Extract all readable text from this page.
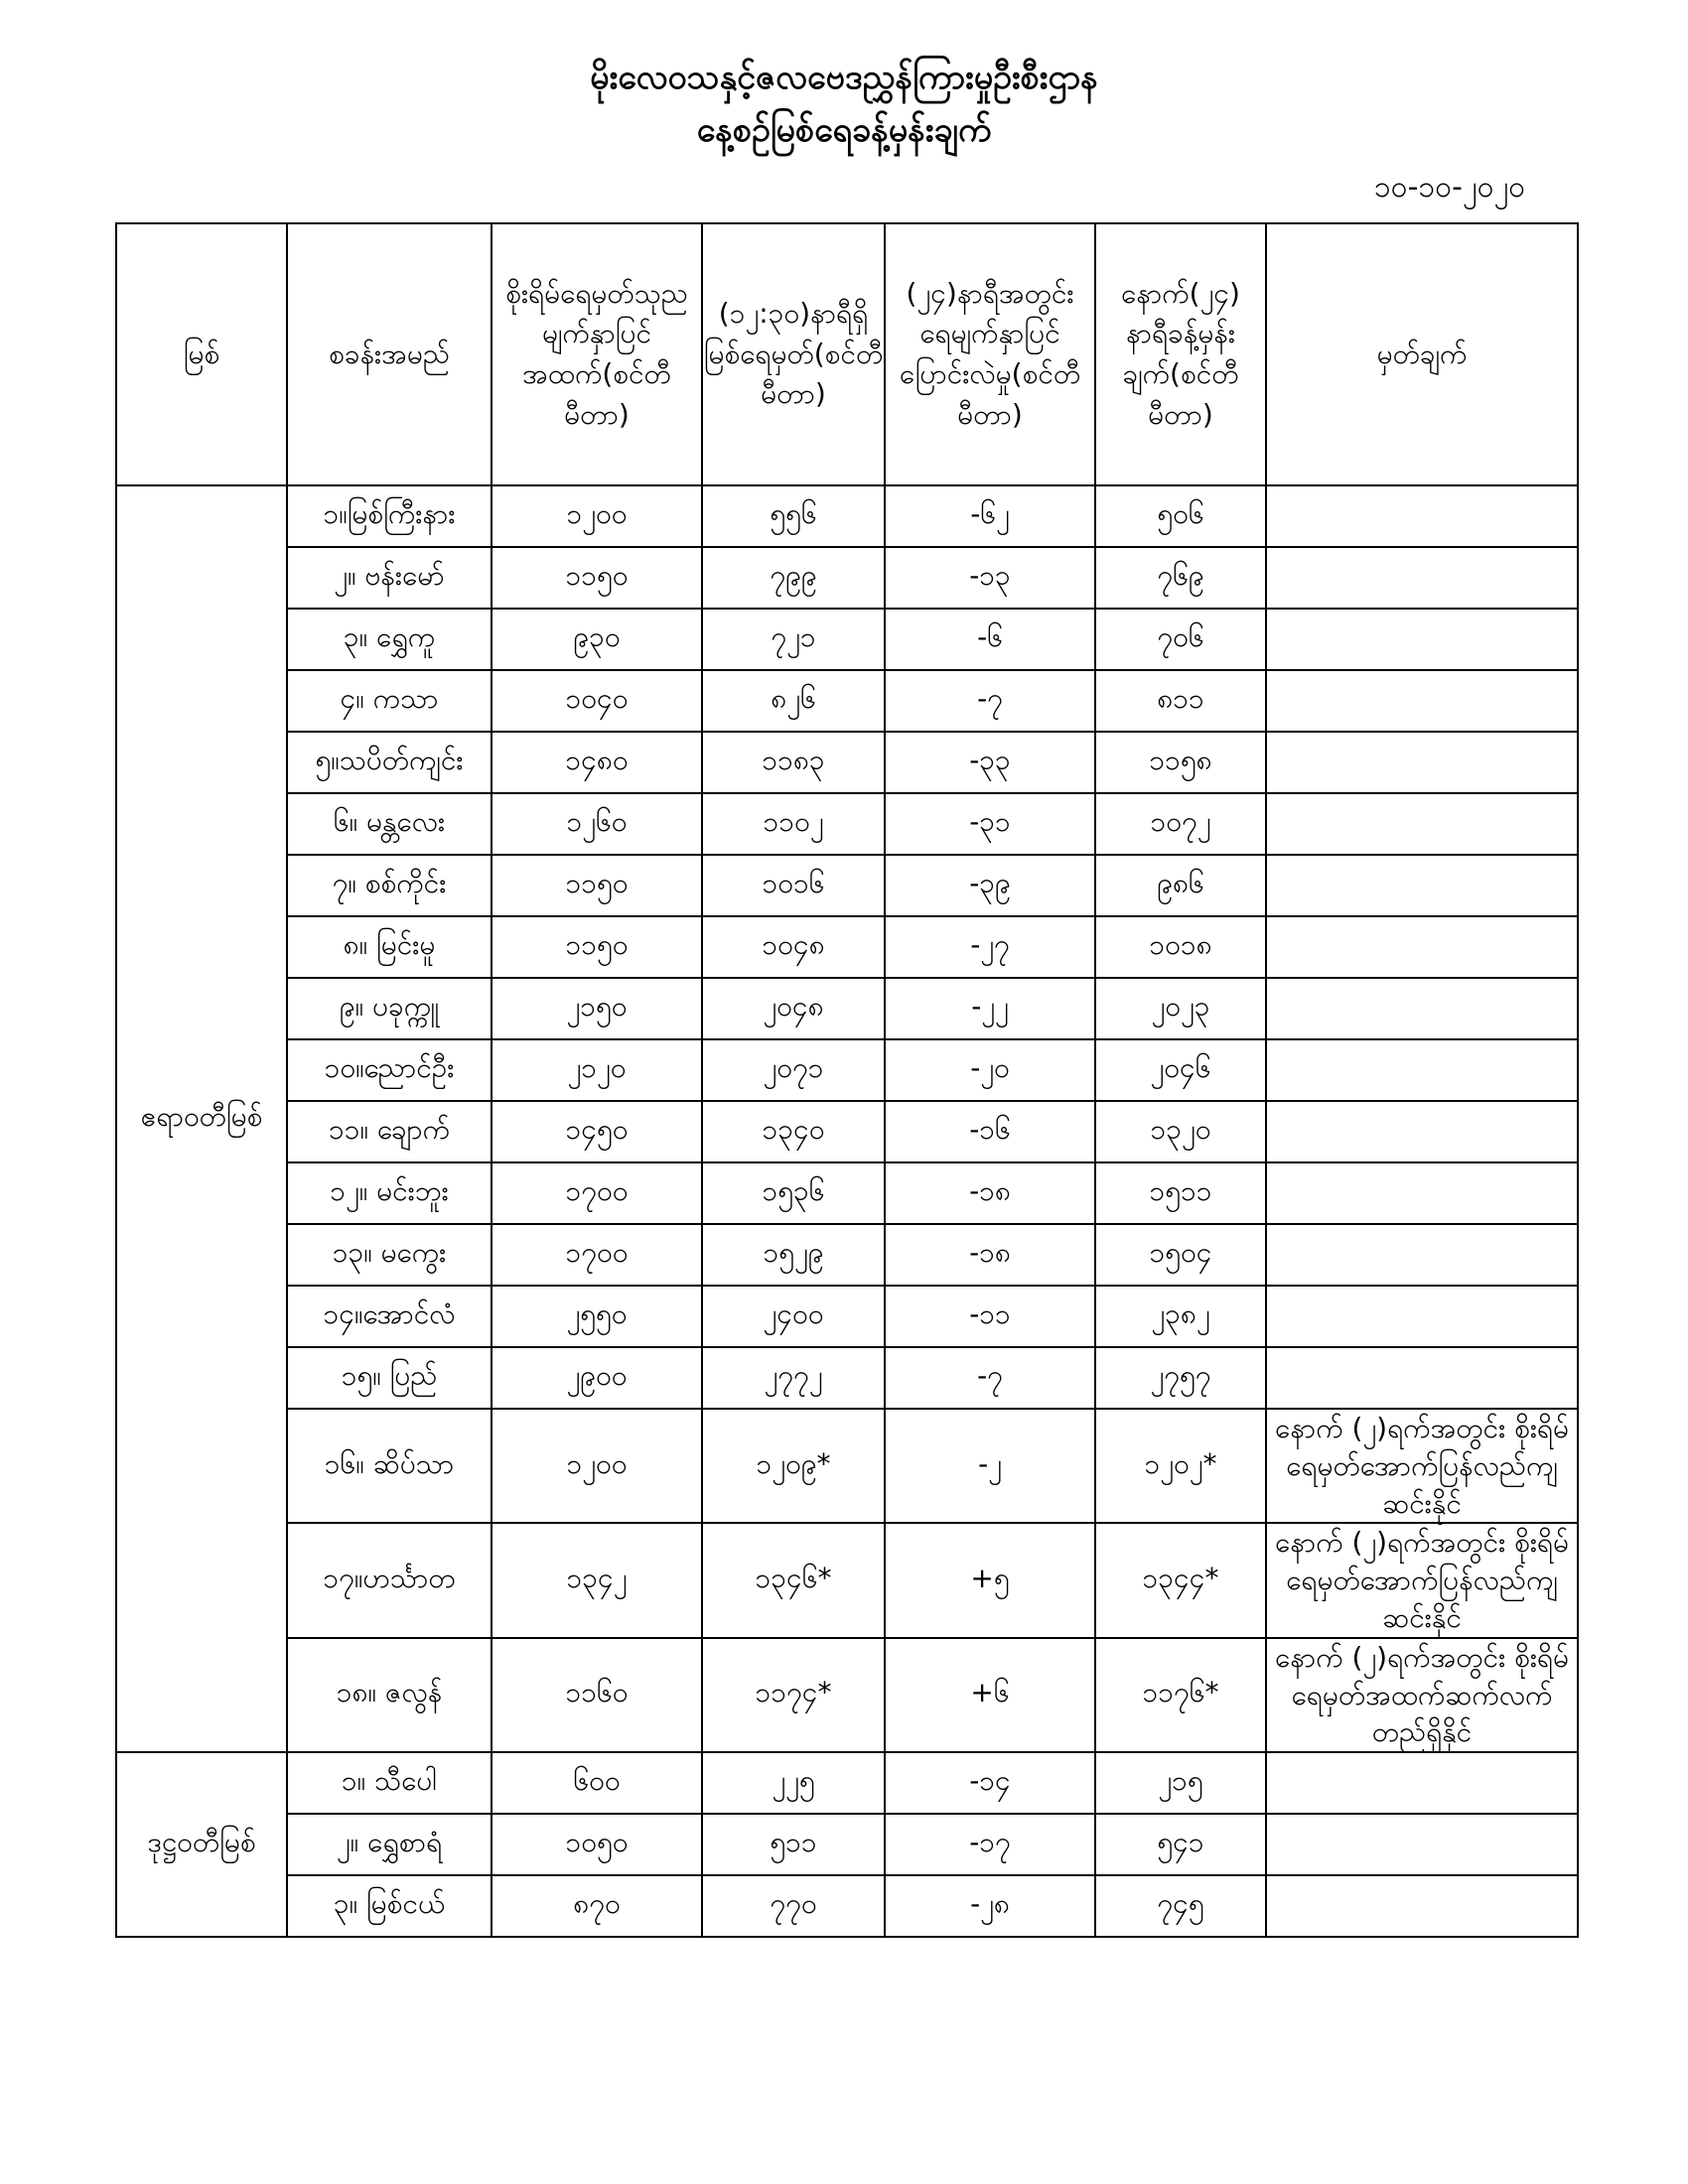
မိုးလေဝသနှင့်ဇလဗေဒညွှန်ကြားမှုဦးစီးဌာန
နေ့စဉ်မြစ်ရေခန့်မှန်းချက်
၁၀-၁၀-၂၀၂၀
မြစ်	စခန်းအမည်	စိုးရိမ်ရေမှတ်သုညမျက်နှာပြင်အထက်(စင်တီမီတာ)	(၁၂:၃၀)နာရီရှိမြစ်ရေမှတ်(စင်တီမီတာ)	(၂၄)နာရီအတွင်းရေမျက်နှာပြင်ပြောင်းလဲမှု(စင်တီမီတာ)	နောက်(၂၄) နာရီခန့်မှန်းချက်(စင်တီမီတာ)	မှတ်ချက်
ဧရာဝတီမြစ်	၁။မြစ်ကြီးနား	၁၂၀၀	၅၅၆	-၆၂	၅၀၆	
	၂။ ဗန်းမော်	၁၁၅၀	၇၉၉	-၁၃	၇၆၉	
	၃။ ရွှေကူ	၉၃၀	၇၂၁	-၆	၇၀၆	
	၄။ ကသာ	၁၀၄၀	၈၂၆	-၇	၈၁၁	
	၅။သပိတ်ကျင်း	၁၄၈၀	၁၁၈၃	-၃၃	၁၁၅၈	
	၆။ မန္တလေး	၁၂၆၀	၁၁၀၂	-၃၁	၁၀၇၂	
	၇။ စစ်ကိုင်း	၁၁၅၀	၁၀၁၆	-၃၉	၉၈၆	
	၈။ မြင်းမူ	၁၁၅၀	၁၀၄၈	-၂၇	၁၀၁၈	
	၉။ ပခုက္ကူ	၂၁၅၀	၂၀၄၈	-၂၂	၂၀၂၃	
	၁၀။ညောင်ဦး	၂၁၂၀	၂၀၇၁	-၂၀	၂၀၄၆	
	၁၁။ ချောက်	၁၄၅၀	၁၃၄၀	-၁၆	၁၃၂၀	
	၁၂။ မင်းဘူး	၁၇၀၀	၁၅၃၆	-၁၈	၁၅၁၁	
	၁၃။ မကွေး	၁၇၀၀	၁၅၂၉	-၁၈	၁၅၀၄	
	၁၄။အောင်လံ	၂၅၅၀	၂၄၀၀	-၁၁	၂၃၈၂	
	၁၅။ ပြည်	၂၉၀၀	၂၇၇၂	-၇	၂၇၅၇	
	၁၆။ ဆိပ်သာ	၁၂၀၀	၁၂၀၉*	-၂	၁၂၀၂*	နောက် (၂)ရက်အတွင်း စိုးရိမ်ရေမှတ်အောက်ပြန်လည်ကျဆင်းနိုင်
	၁၇။ဟင်္သာတ	၁၃၄၂	၁၃၄၆*	+၅	၁၃၄၄*	နောက် (၂)ရက်အတွင်း စိုးရိမ်ရေမှတ်အောက်ပြန်လည်ကျဆင်းနိုင်
	၁၈။ ဇလွန်	၁၁၆၀	၁၁၇၄*	+၆	၁၁၇၆*	နောက် (၂)ရက်အတွင်း စိုးရိမ်ရေမှတ်အထက်ဆက်လက်တည်ရှိနိုင်
ဒုဋ္ဌဝတီမြစ်	၁။ သီပေါ	၆၀၀	၂၂၅	-၁၄	၂၁၅	
	၂။ ရွှေစာရံ	၁၀၅၀	၅၁၁	-၁၇	၅၄၁	
	၃။ မြစ်ငယ်	၈၇၀	၇၇၀	-၂၈	၇၄၅	
